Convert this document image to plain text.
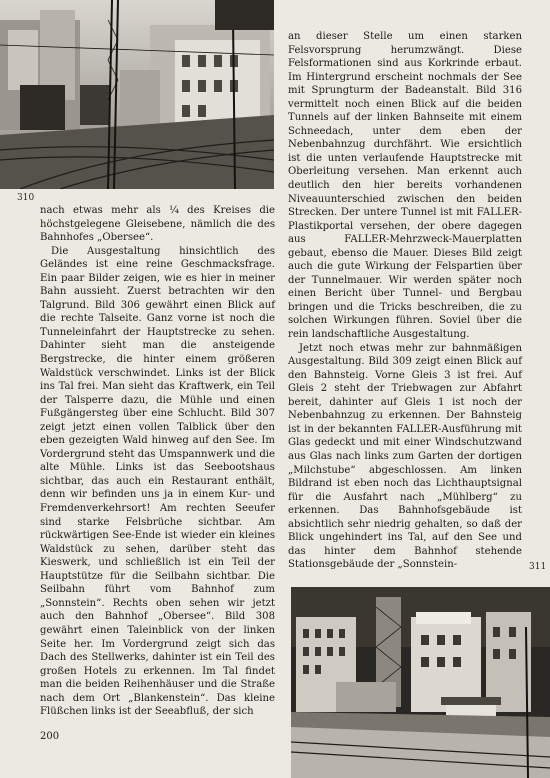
310

nach etwas mehr als ¼ des Kreises die höchstgelegene Gleisebene, nämlich die des Bahnhofes „Obersee“.

Die Ausgestaltung hinsichtlich des Geländes ist eine reine Geschmacksfrage. Ein paar Bilder zeigen, wie es hier in meiner Bahn aussieht. Zuerst betrachten wir den Talgrund. Bild 306 gewährt einen Blick auf die rechte Talseite. Ganz vorne ist noch die Tunneleinfahrt der Hauptstrecke zu sehen. Dahinter sieht man die ansteigende Bergstrecke, die hinter einem größeren Waldstück verschwindet. Links ist der Blick ins Tal frei. Man sieht das Kraftwerk, ein Teil der Talsperre dazu, die Mühle und einen Fußgängersteg über eine Schlucht. Bild 307 zeigt jetzt einen vollen Talblick über den eben gezeigten Wald hinweg auf den See. Im Vordergrund steht das Umspannwerk und die alte Mühle. Links ist das Seebootshaus sichtbar, das auch ein Restaurant enthält, denn wir befinden uns ja in einem Kur- und Fremdenverkehrsort! Am rechten Seeufer sind starke Felsbrüche sichtbar. Am rückwärtigen See-Ende ist wieder ein kleines Waldstück zu sehen, darüber steht das Kieswerk, und schließlich ist ein Teil der Hauptstütze für die Seilbahn sichtbar. Die Seilbahn führt vom Bahnhof zum „Sonnstein“. Rechts oben sehen wir jetzt auch den Bahnhof „Obersee“. Bild 308 gewährt einen Taleinblick von der linken Seite her. Im Vordergrund zeigt sich das Dach des Stellwerks, dahinter ist ein Teil des großen Hotels zu erkennen. Im Tal findet man die beiden Reihenhäuser und die Straße nach dem Ort „Blankenstein“. Das kleine Flüßchen links ist der Seeabfluß, der sich

an dieser Stelle um einen starken Felsvorsprung herumzwängt. Diese Felsformationen sind aus Korkrinde erbaut. Im Hintergrund erscheint nochmals der See mit Sprungturm der Badeanstalt. Bild 316 vermittelt noch einen Blick auf die beiden Tunnels auf der linken Bahnseite mit einem Schneedach, unter dem eben der Nebenbahnzug durchfährt. Wie ersichtlich ist die unten verlaufende Hauptstrecke mit Oberleitung versehen. Man erkennt auch deutlich den hier bereits vorhandenen Niveauunterschied zwischen den beiden Strecken. Der untere Tunnel ist mit FALLER-Plastikportal versehen, der obere dagegen aus FALLER-Mehrzweck-Mauerplatten gebaut, ebenso die Mauer. Dieses Bild zeigt auch die gute Wirkung der Felspartien über der Tunnelmauer. Wir werden später noch einen Bericht über Tunnel- und Bergbau bringen und die Tricks beschreiben, die zu solchen Wirkungen führen. Soviel über die rein landschaftliche Ausgestaltung.

Jetzt noch etwas mehr zur bahnmäßigen Ausgestaltung. Bild 309 zeigt einen Blick auf den Bahnsteig. Vorne Gleis 3 ist frei. Auf Gleis 2 steht der Triebwagen zur Abfahrt bereit, dahinter auf Gleis 1 ist noch der Nebenbahnzug zu erkennen. Der Bahnsteig ist in der bekannten FALLER-Ausführung mit Glas gedeckt und mit einer Windschutzwand aus Glas nach links zum Garten der dortigen „Milchstube“ abgeschlossen. Am linken Bildrand ist eben noch das Lichthauptsignal für die Ausfahrt nach „Mühlberg“ zu erkennen. Das Bahnhofsgebäude ist absichtlich sehr niedrig gehalten, so daß der Blick ungehindert ins Tal, auf den See und das hinter dem Bahnhof stehende Stationsgebäude der „Sonnstein-	311
200
